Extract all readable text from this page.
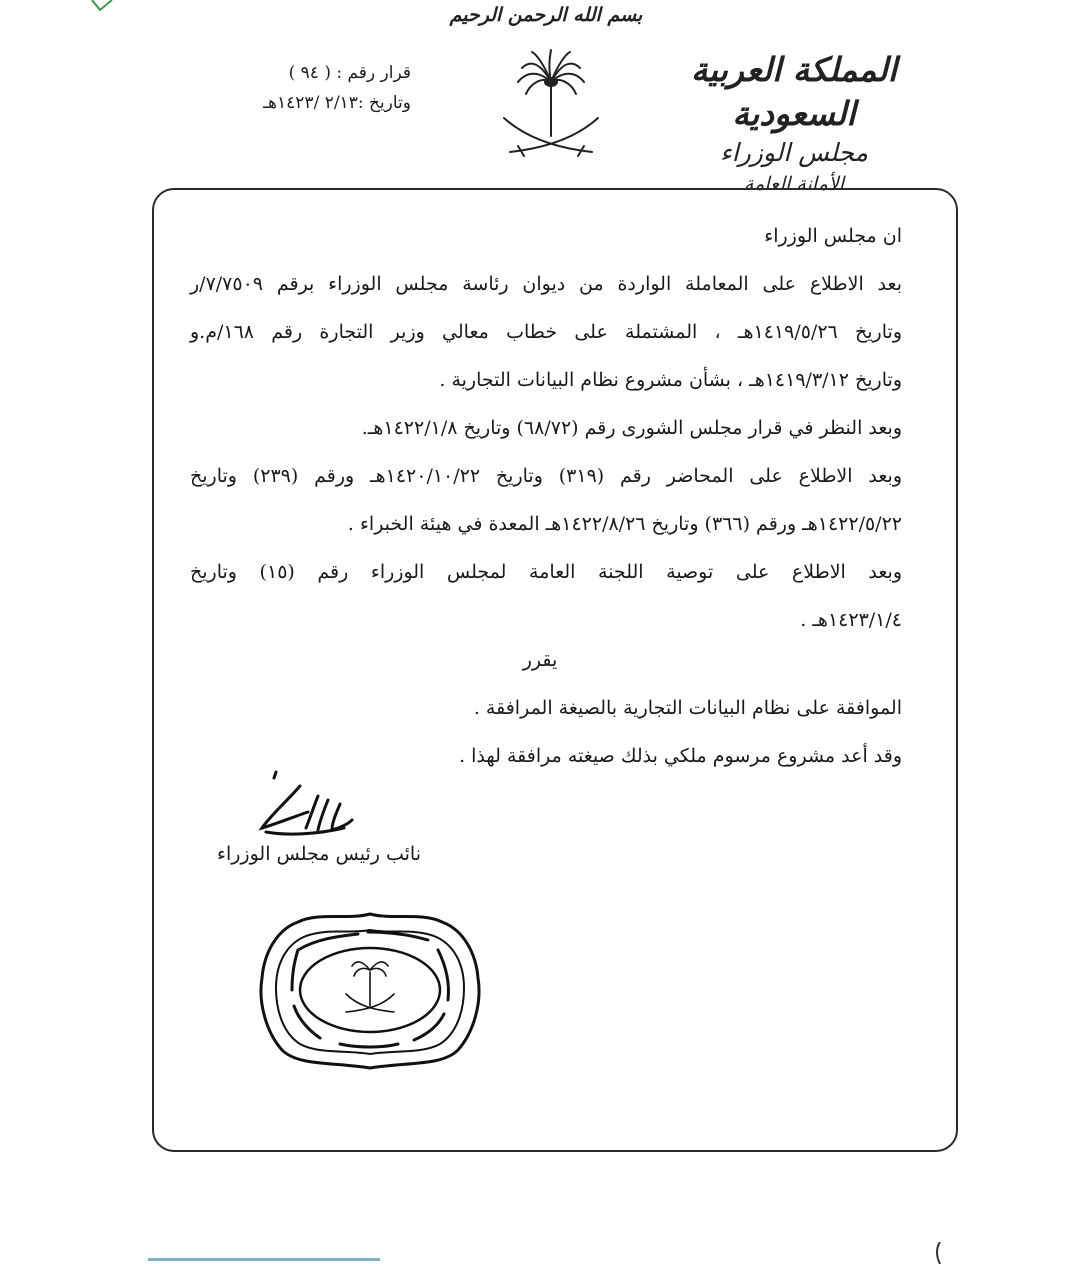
بسم الله الرحمن الرحيم
قرار رقم : ( ٩٤ )
وتاريخ :٢/١٣ /١٤٢٣هـ
المملكة العربية السعودية
مجلس الوزراء
الأمانة العامة
ان مجلس الوزراء
بعد الاطلاع على المعاملة الواردة من ديوان رئاسة مجلس الوزراء برقم ٧/٧٥٠٩/ر
وتاريخ ١٤١٩/٥/٢٦هـ ، المشتملة على خطاب معالي وزير التجارة رقم ١٦٨/م.و
وتاريخ ١٤١٩/٣/١٢هـ ، بشأن مشروع نظام البيانات التجارية .
وبعد النظر في قرار مجلس الشورى رقم (٦٨/٧٢) وتاريخ ١٤٢٢/١/٨هـ.
وبعد الاطلاع على المحاضر رقم (٣١٩) وتاريخ ١٤٢٠/١٠/٢٢هـ ورقم (٢٣٩) وتاريخ
١٤٢٢/٥/٢٢هـ ورقم (٣٦٦) وتاريخ ١٤٢٢/٨/٢٦هـ المعدة في هيئة الخبراء .
وبعد الاطلاع على توصية اللجنة العامة لمجلس الوزراء رقم (١٥) وتاريخ
١٤٢٣/١/٤هـ .
يقرر
الموافقة على نظام البيانات التجارية بالصيغة المرافقة .
وقد أعد مشروع مرسوم ملكي بذلك صيغته مرافقة لهذا .
نائب رئيس مجلس الوزراء
